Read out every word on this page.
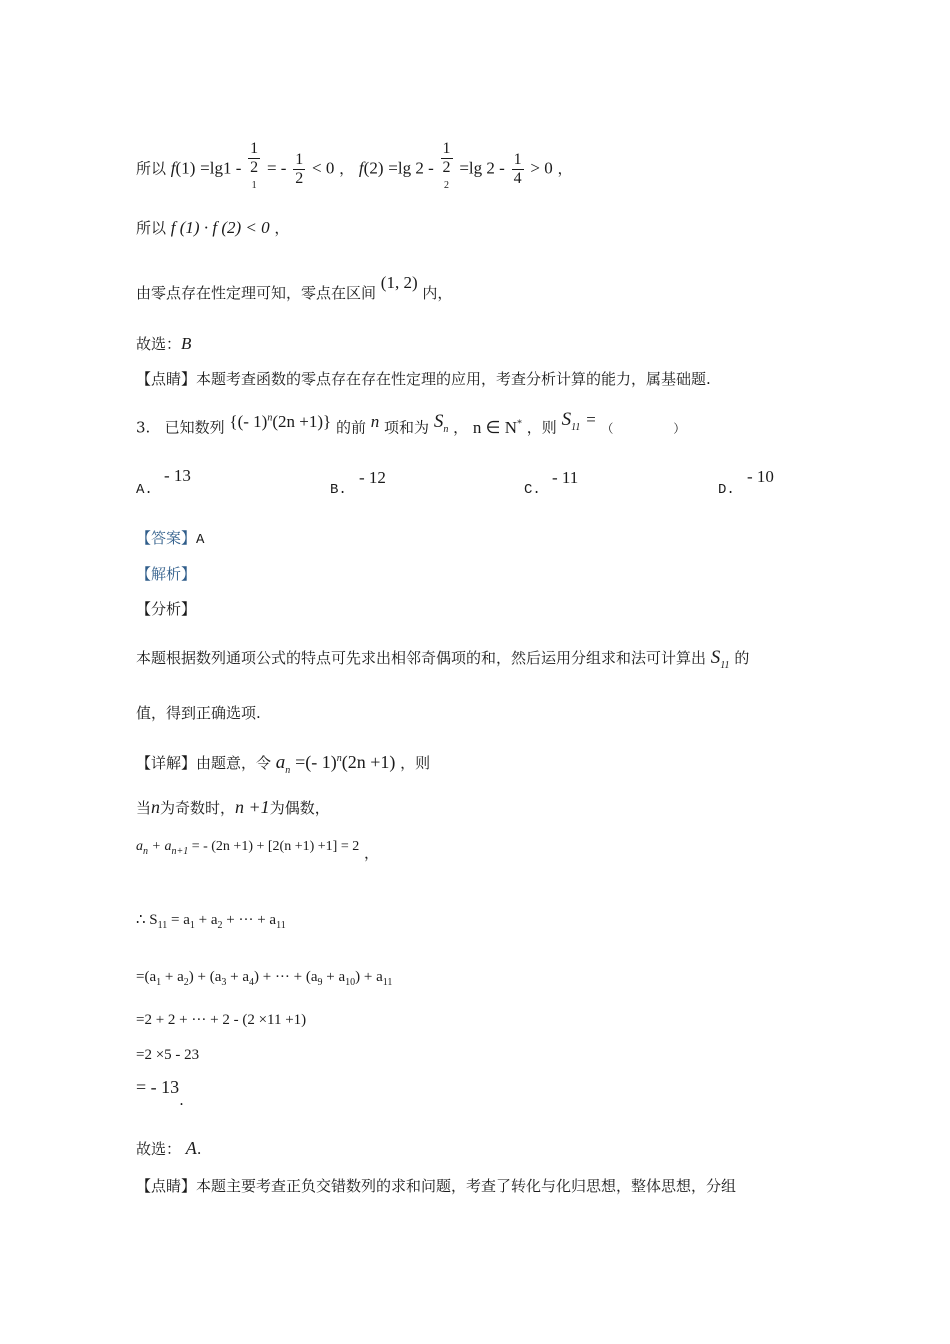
所以 f(1) =lg1 - 1
2
$^1$ = - $\frac{1}{2} < 0$ ， f(2) =lg 2 - 1
2
$^2$ =lg $2 - \frac{1}{4} > 0$ ，
所以 f (1) · f (2) < 0 ，
由零点存在性定理可知，零点在区间 (1, 2) 内，
故选：B
【点睛】本题考查函数的零点存在存在性定理的应用，考查分析计算的能力，属基础题.
3. 已知数列 {(- 1)$^n$(2n +1)} 的前 n 项和为 $S_n$ ， n ∈ N* ，则 $S_{11}$ = （	）
A.
- 13
B.
- 12
C.
- 11
D.
- 10
【答案】A
【解析】
【分析】
本题根据数列通项公式的特点可先求出相邻奇偶项的和，然后运用分组求和法可计算出 $S_{11}$ 的
值，得到正确选项.
【详解】由题意，令 $a_n$ =(- 1)$^n$(2n +1) ，则
当n为奇数时，n +1为偶数，
$a_n + a_{n+1}$ = - (2n +1) + [2(n +1) +1] = 2 ，
∴ $S_{11} = a_1 + a_2$ + ··· + $a_{11}$
$=(a_1 + a_2) + (a_3 + a_4)$ + ··· + $(a_9 + a_{10}) + a_{11}$
=2 + 2 + ··· + 2 - (2 ×11 +1)
=2 ×5 - 23
= - 13.
故选： A.
【点睛】本题主要考查正负交错数列的求和问题，考查了转化与化归思想，整体思想，分组
